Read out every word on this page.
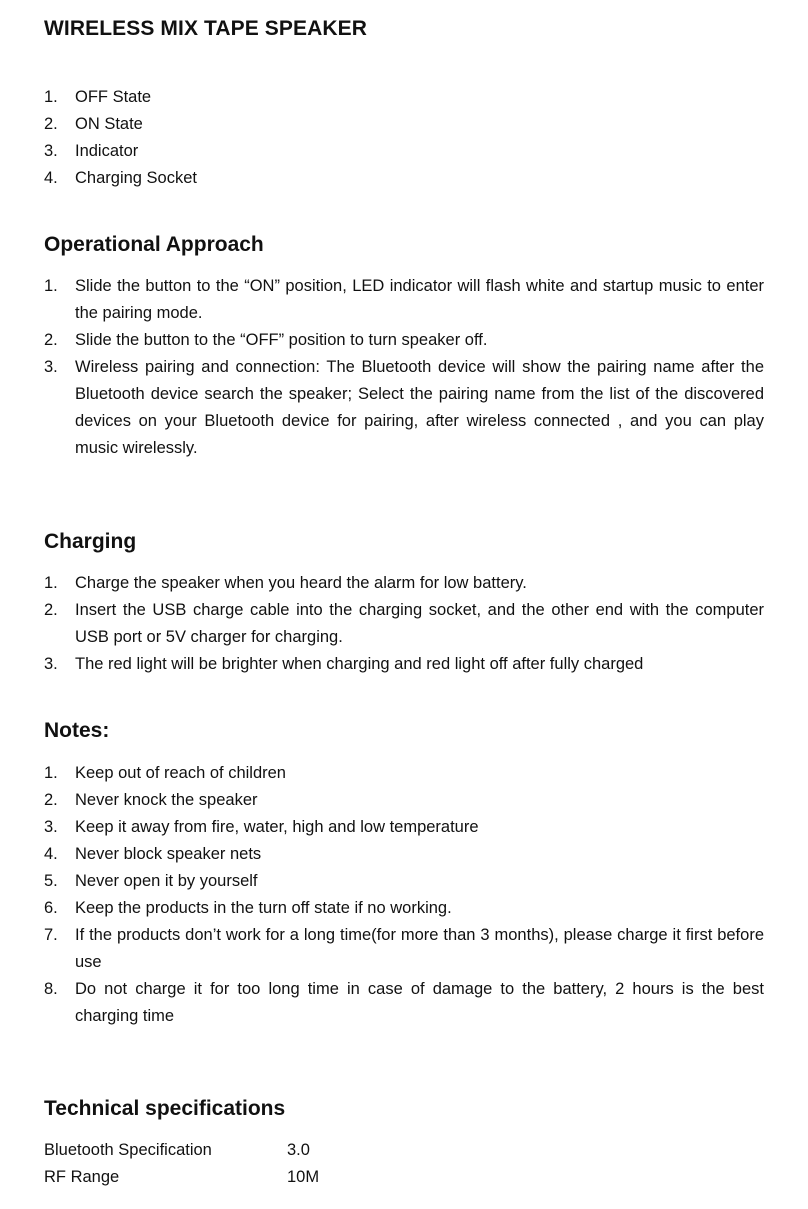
WIRELESS MIX TAPE SPEAKER
1. OFF State
2. ON State
3. Indicator
4. Charging Socket
Operational Approach
1. Slide the button to the “ON” position, LED indicator will flash white and startup music to enter the pairing mode.
2. Slide the button to the “OFF” position to turn speaker off.
3. Wireless pairing and connection: The Bluetooth device will show the pairing name after the Bluetooth device search the speaker; Select the pairing name from the list of the discovered devices on your Bluetooth device for pairing, after wireless connected , and you can play music wirelessly.
Charging
1. Charge the speaker when you heard the alarm for low battery.
2. Insert the USB charge cable into the charging socket, and the other end with the computer USB port or 5V charger for charging.
3. The red light will be brighter when charging and red light off after fully charged
Notes:
1. Keep out of reach of children
2. Never knock the speaker
3. Keep it away from fire, water, high and low temperature
4. Never block speaker nets
5. Never open it by yourself
6. Keep the products in the turn off state if no working.
7. If the products don’t work for a long time(for more than 3 months), please charge it first before use
8. Do not charge it for too long time in case of damage to the battery, 2 hours is the best charging time
Technical specifications
Bluetooth Specification	3.0
RF Range	10M
